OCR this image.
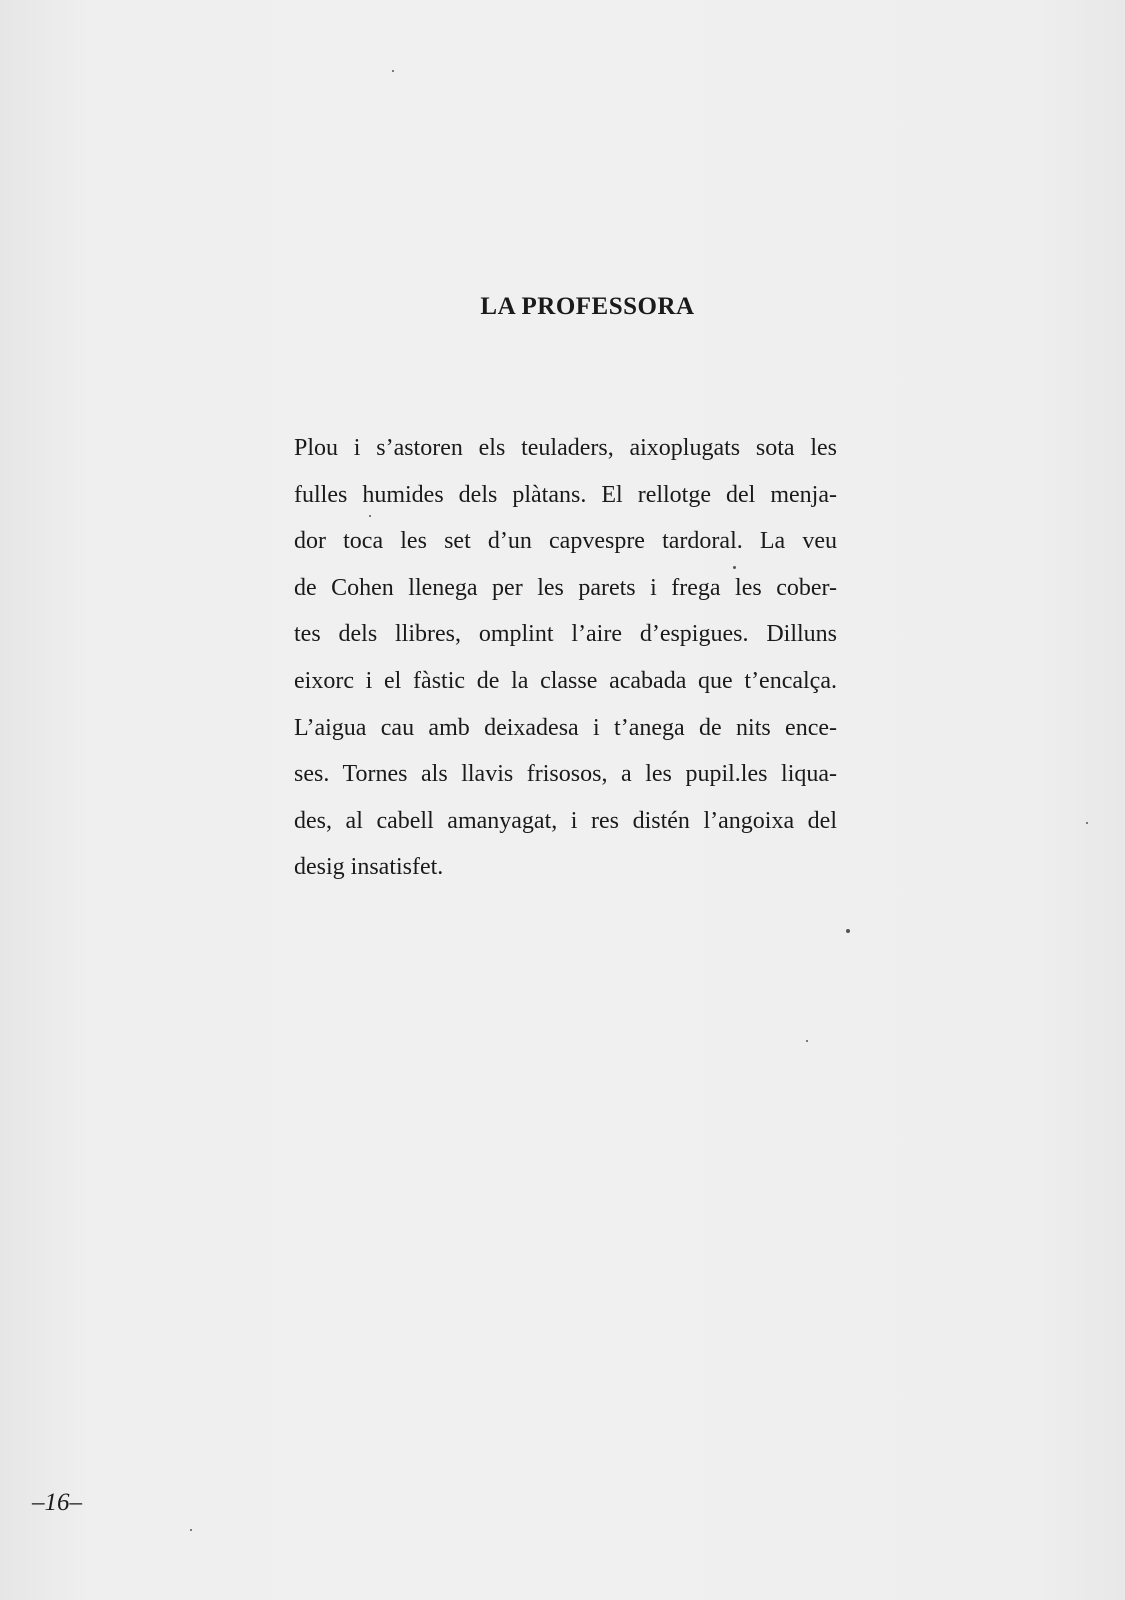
LA PROFESSORA
Plou i s’astoren els teuladers, aixoplugats sota les
fulles humides dels plàtans. El rellotge del menja-
dor toca les set d’un capvespre tardoral. La veu
de Cohen llenega per les parets i frega les cober-
tes dels llibres, omplint l’aire d’espigues. Dilluns
eixorc i el fàstic de la classe acabada que t’encalça.
L’aigua cau amb deixadesa i t’anega de nits ence-
ses. Tornes als llavis frisosos, a les pupil.les liqua-
des, al cabell amanyagat, i res distén l’angoixa del
desig insatisfet.
–16–
